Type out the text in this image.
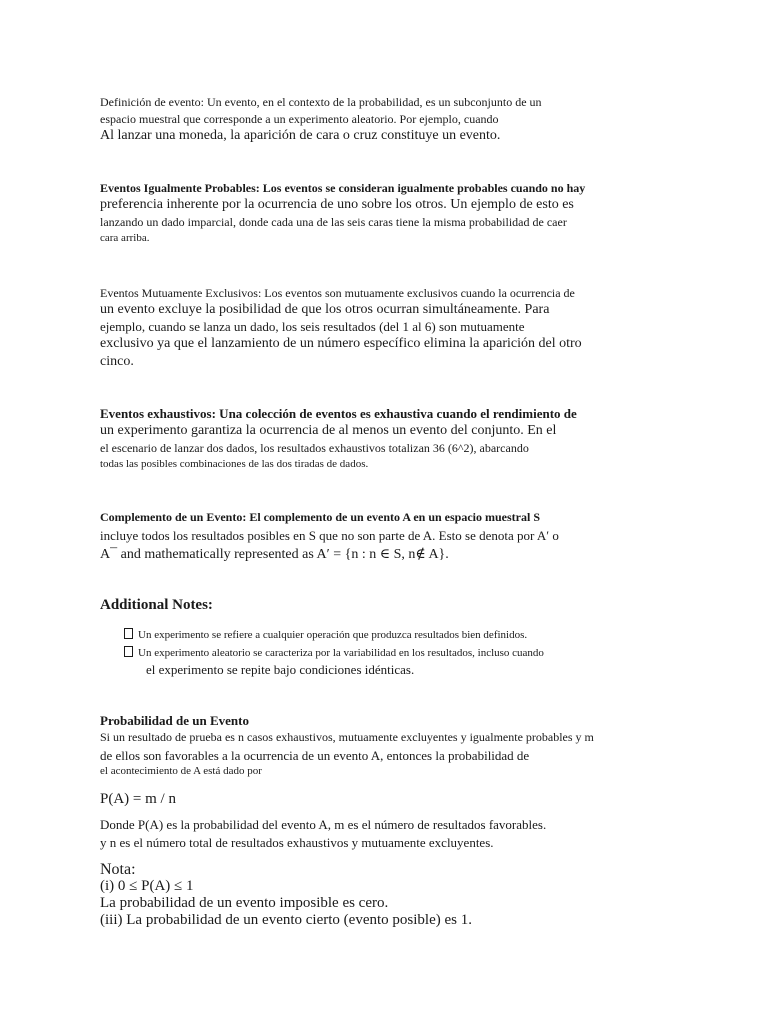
Definición de evento: Un evento, en el contexto de la probabilidad, es un subconjunto de un
espacio muestral que corresponde a un experimento aleatorio. Por ejemplo, cuando
Al lanzar una moneda, la aparición de cara o cruz constituye un evento.
Eventos Igualmente Probables: Los eventos se consideran igualmente probables cuando no hay
preferencia inherente por la ocurrencia de uno sobre los otros. Un ejemplo de esto es
lanzando un dado imparcial, donde cada una de las seis caras tiene la misma probabilidad de caer
cara arriba.
Eventos Mutuamente Exclusivos: Los eventos son mutuamente exclusivos cuando la ocurrencia de
un evento excluye la posibilidad de que los otros ocurran simultáneamente. Para
ejemplo, cuando se lanza un dado, los seis resultados (del 1 al 6) son mutuamente
exclusivo ya que el lanzamiento de un número específico elimina la aparición del otro
cinco.
Eventos exhaustivos: Una colección de eventos es exhaustiva cuando el rendimiento de
un experimento garantiza la ocurrencia de al menos un evento del conjunto. En el
el escenario de lanzar dos dados, los resultados exhaustivos totalizan 36 (6^2), abarcando
todas las posibles combinaciones de las dos tiradas de dados.
Complemento de un Evento: El complemento de un evento A en un espacio muestral S
incluye todos los resultados posibles en S que no son parte de A. Esto se denota por A′ o
A¯ and mathematically represented as A′ = {n : n ∈ S, n∉ A}.
Additional Notes:
Un experimento se refiere a cualquier operación que produzca resultados bien definidos.
Un experimento aleatorio se caracteriza por la variabilidad en los resultados, incluso cuando
el experimento se repite bajo condiciones idénticas.
Probabilidad de un Evento
Si un resultado de prueba es n casos exhaustivos, mutuamente excluyentes y igualmente probables y m
de ellos son favorables a la ocurrencia de un evento A, entonces la probabilidad de
el acontecimiento de A está dado por
P(A) = m / n
Donde P(A) es la probabilidad del evento A, m es el número de resultados favorables.
y n es el número total de resultados exhaustivos y mutuamente excluyentes.
Nota:
(i) 0 ≤ P(A) ≤ 1
La probabilidad de un evento imposible es cero.
(iii) La probabilidad de un evento cierto (evento posible) es 1.
